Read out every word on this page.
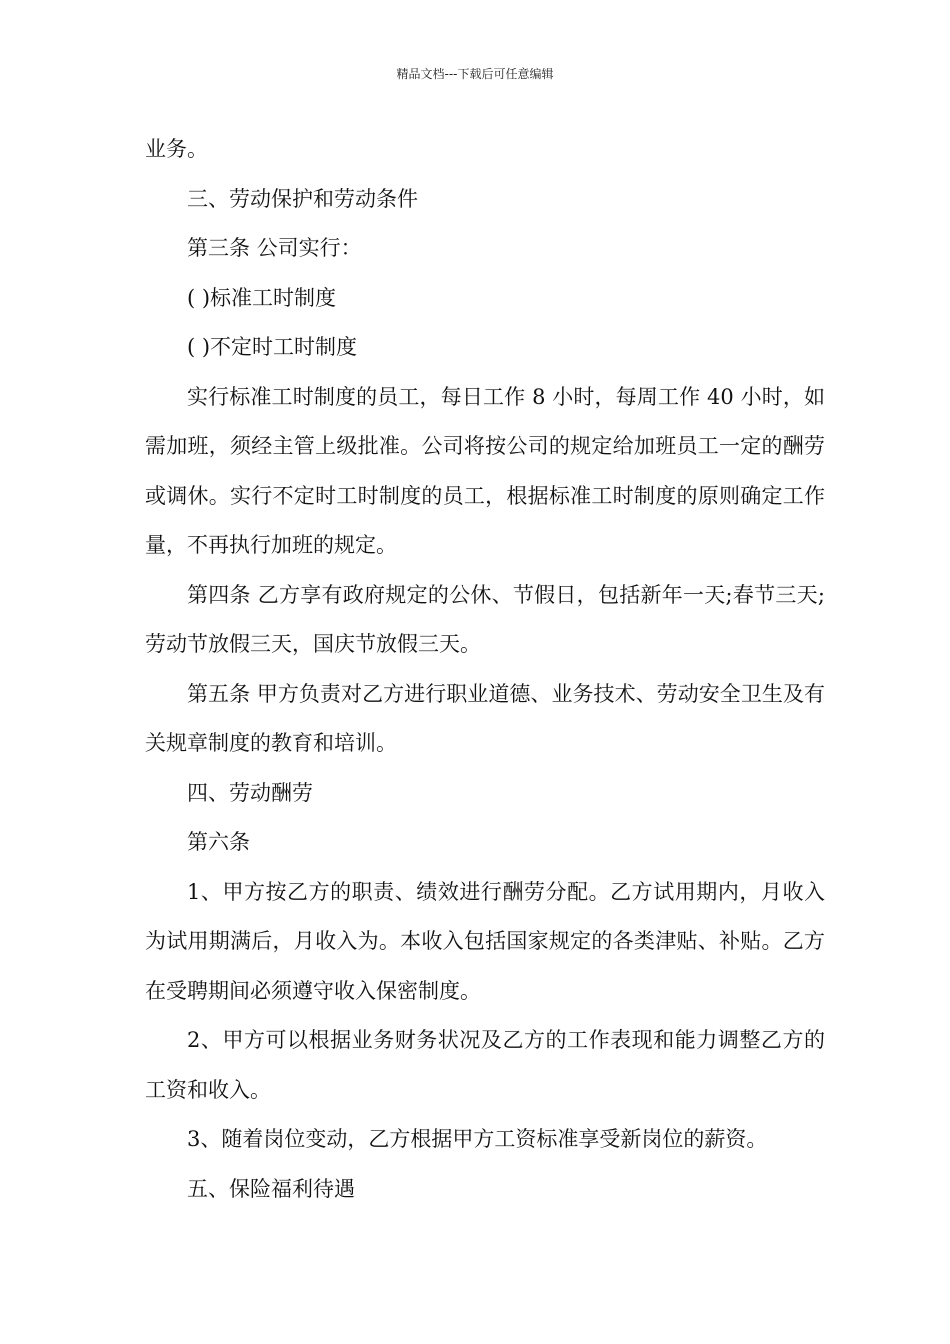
精品文档---下载后可任意编辑

业务。

三、劳动保护和劳动条件

第三条 公司实行：

( )标准工时制度

( )不定时工时制度

实行标准工时制度的员工，每日工作 8 小时，每周工作 40 小时，如需加班，须经主管上级批准。公司将按公司的规定给加班员工一定的酬劳或调休。实行不定时工时制度的员工，根据标准工时制度的原则确定工作量，不再执行加班的规定。

第四条 乙方享有政府规定的公休、节假日，包括新年一天;春节三天;劳动节放假三天，国庆节放假三天。

第五条 甲方负责对乙方进行职业道德、业务技术、劳动安全卫生及有关规章制度的教育和培训。

四、劳动酬劳

第六条

1、甲方按乙方的职责、绩效进行酬劳分配。乙方试用期内，月收入为试用期满后，月收入为。本收入包括国家规定的各类津贴、补贴。乙方在受聘期间必须遵守收入保密制度。

2、甲方可以根据业务财务状况及乙方的工作表现和能力调整乙方的工资和收入。

3、随着岗位变动，乙方根据甲方工资标准享受新岗位的薪资。

五、保险福利待遇
